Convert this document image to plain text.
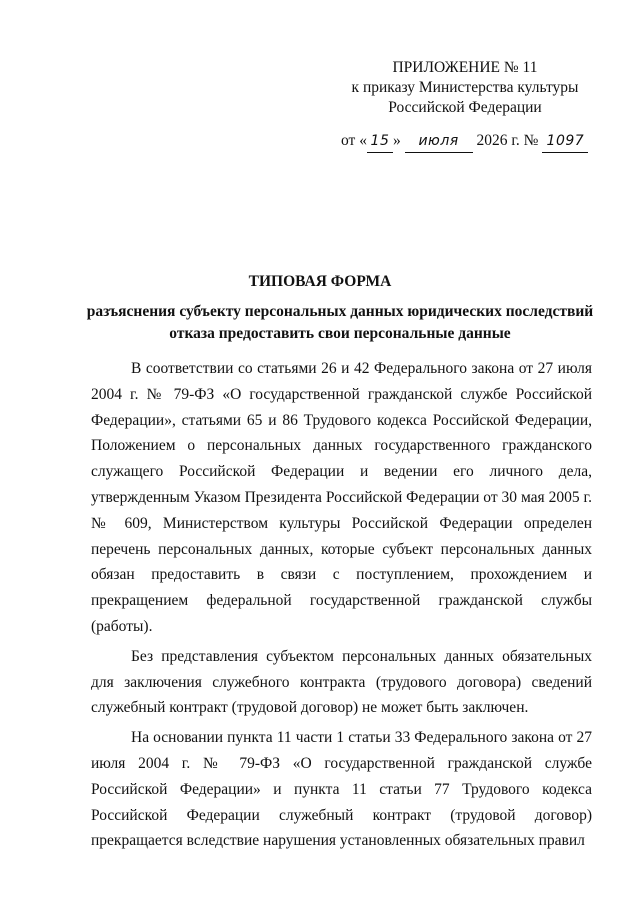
ПРИЛОЖЕНИЕ № 11
к приказу Министерства культуры
Российской Федерации
от « 15 » июля 2026 г. № 1097
ТИПОВАЯ ФОРМА
разъяснения субъекту персональных данных юридических последствий отказа предоставить свои персональные данные

В соответствии со статьями 26 и 42 Федерального закона от 27 июля 2004 г. № 79-ФЗ «О государственной гражданской службе Российской Федерации», статьями 65 и 86 Трудового кодекса Российской Федерации, Положением о персональных данных государственного гражданского служащего Российской Федерации и ведении его личного дела, утвержденным Указом Президента Российской Федерации от 30 мая 2005 г. № 609, Министерством культуры Российской Федерации определен перечень персональных данных, которые субъект персональных данных обязан предоставить в связи с поступлением, прохождением и прекращением федеральной государственной гражданской службы (работы).

Без представления субъектом персональных данных обязательных для заключения служебного контракта (трудового договора) сведений служебный контракт (трудовой договор) не может быть заключен.

На основании пункта 11 части 1 статьи 33 Федерального закона от 27 июля 2004 г. № 79-ФЗ «О государственной гражданской службе Российской Федерации» и пункта 11 статьи 77 Трудового кодекса Российской Федерации служебный контракт (трудовой договор) прекращается вследствие нарушения установленных обязательных правил
